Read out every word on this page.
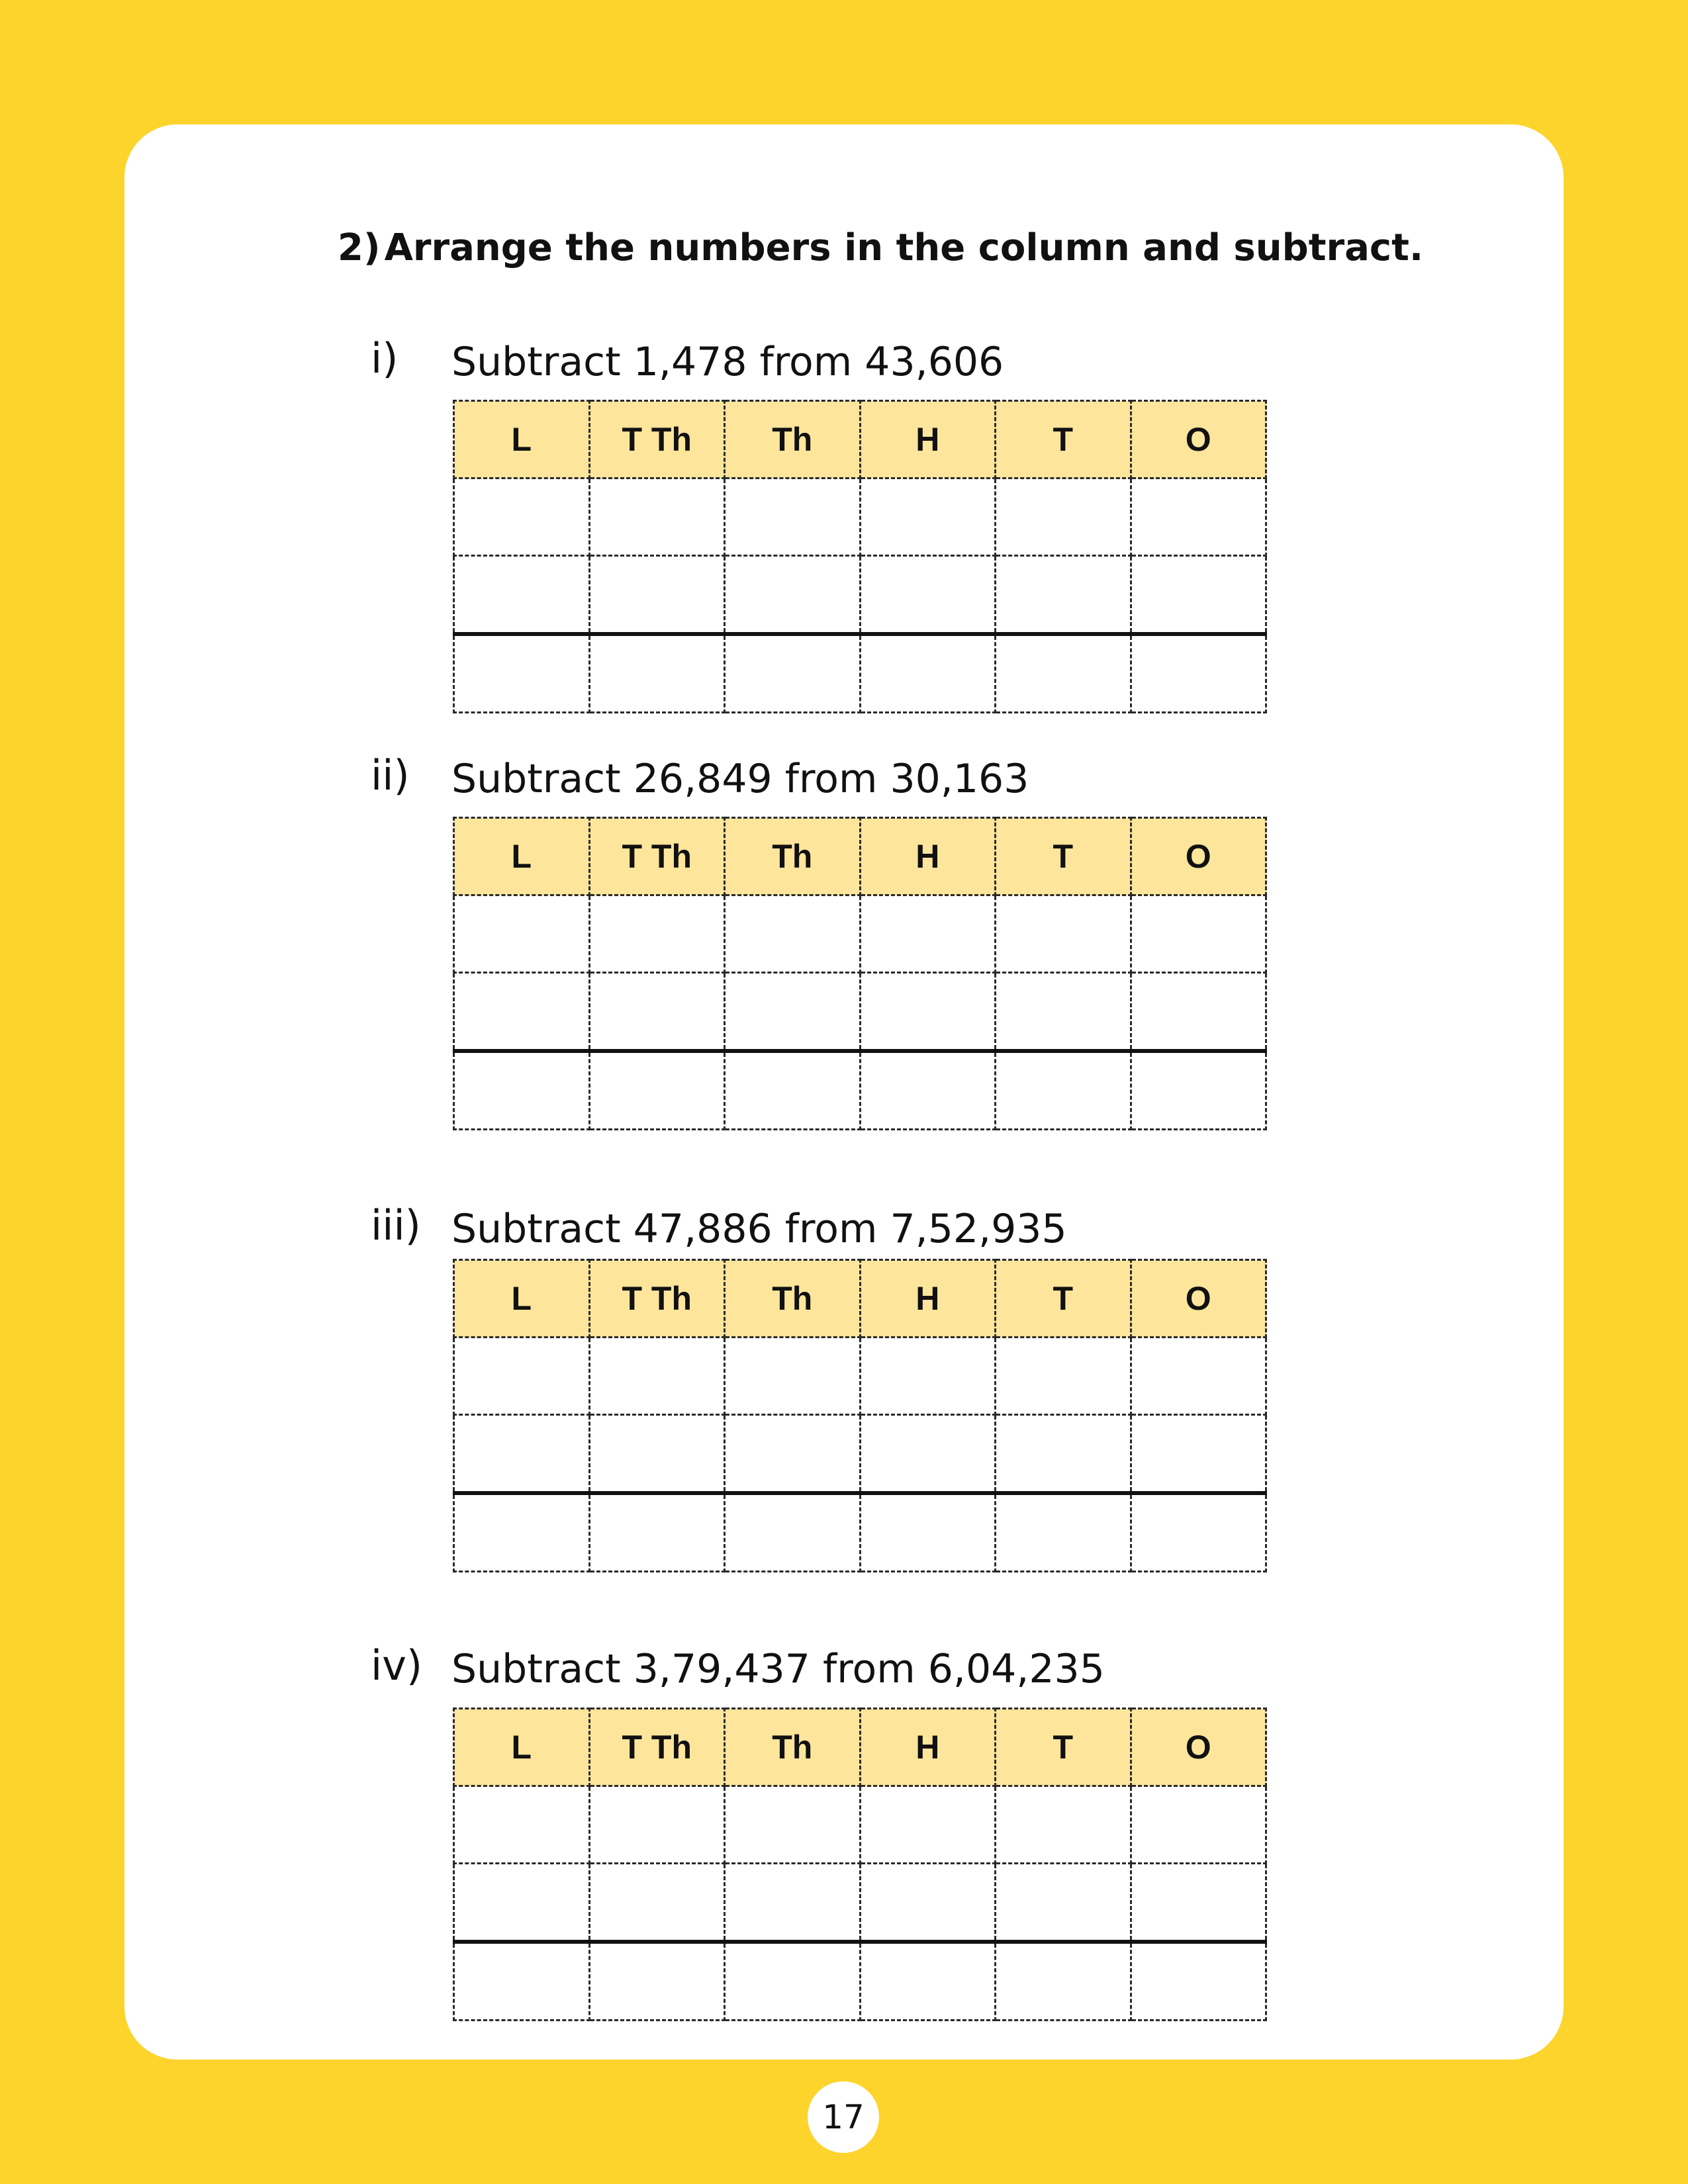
2) Arrange the numbers in the column and subtract.
i) Subtract 1,478 from 43,606
L	T Th	Th	H	T	O

ii) Subtract 26,849 from 30,163
L	T Th	Th	H	T	O

iii) Subtract 47,886 from 7,52,935
L	T Th	Th	H	T	O

iv) Subtract 3,79,437 from 6,04,235
L	T Th	Th	H	T	O

17
